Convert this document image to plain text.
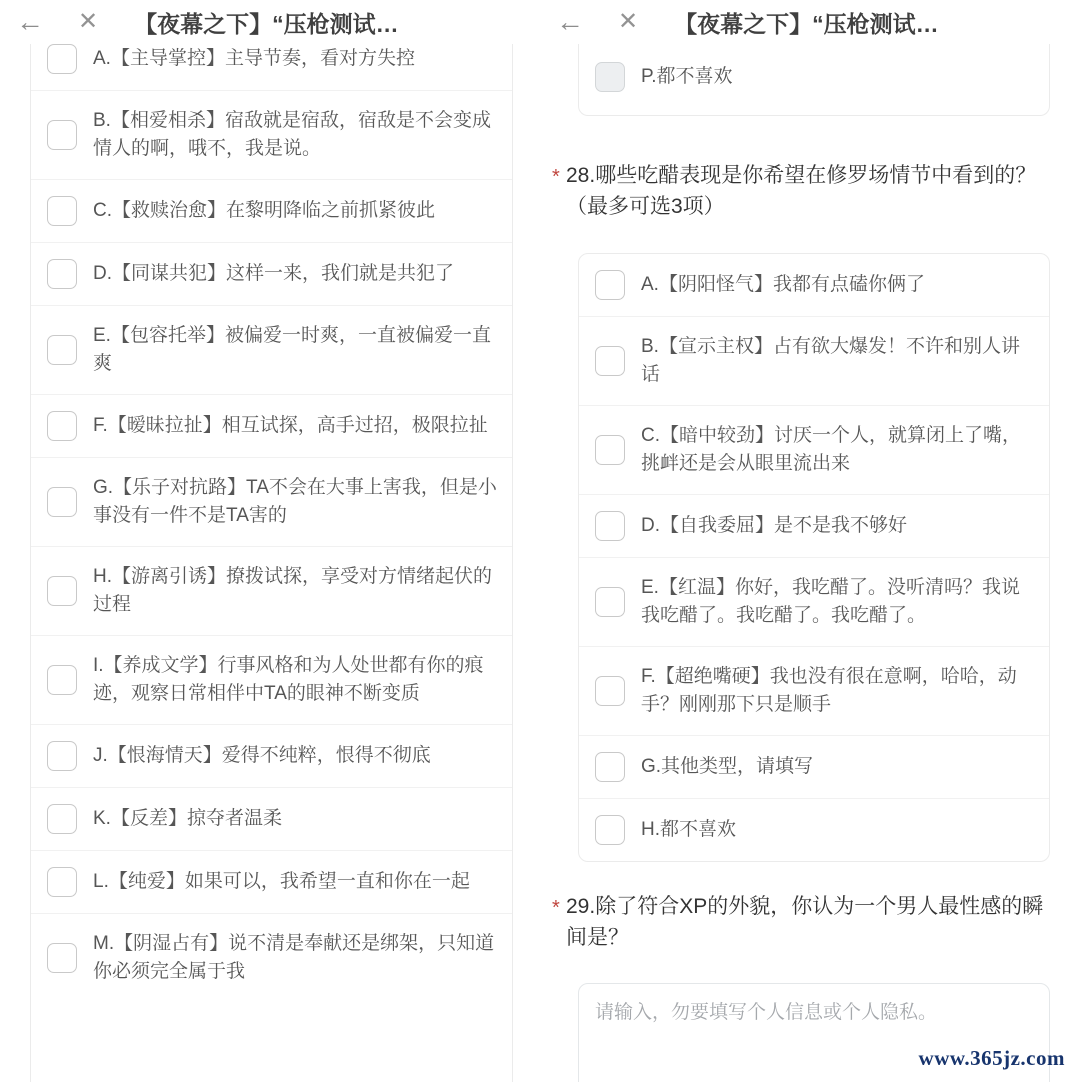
← ✕ 【夜幕之下】“压枪测试…
A.【主导掌控】主导节奏，看对方失控
B.【相爱相杀】宿敌就是宿敌，宿敌是不会变成情人的啊，哦不，我是说。
C.【救赎治愈】在黎明降临之前抓紧彼此
D.【同谋共犯】这样一来，我们就是共犯了
E.【包容托举】被偏爱一时爽，一直被偏爱一直爽
F.【暧昧拉扯】相互试探，高手过招，极限拉扯
G.【乐子对抗路】TA不会在大事上害我，但是小事没有一件不是TA害的
H.【游离引诱】撩拨试探，享受对方情绪起伏的过程
I.【养成文学】行事风格和为人处世都有你的痕迹，观察日常相伴中TA的眼神不断变质
J.【恨海情天】爱得不纯粹，恨得不彻底
K.【反差】掠夺者温柔
L.【纯爱】如果可以，我希望一直和你在一起
M.【阴湿占有】说不清是奉献还是绑架，只知道你必须完全属于我
← ✕ 【夜幕之下】“压枪测试…
P.都不喜欢
* 28.哪些吃醋表现是你希望在修罗场情节中看到的？（最多可选3项）
A.【阴阳怪气】我都有点磕你俩了
B.【宣示主权】占有欲大爆发！不许和别人讲话
C.【暗中较劲】讨厌一个人，就算闭上了嘴，挑衅还是会从眼里流出来
D.【自我委屈】是不是我不够好
E.【红温】你好，我吃醋了。没听清吗？我说我吃醋了。我吃醋了。我吃醋了。
F.【超绝嘴硬】我也没有很在意啊，哈哈，动手？刚刚那下只是顺手
G.其他类型，请填写
H.都不喜欢
* 29.除了符合XP的外貌，你认为一个男人最性感的瞬间是？
请输入，勿要填写个人信息或个人隐私。
www.365jz.com
